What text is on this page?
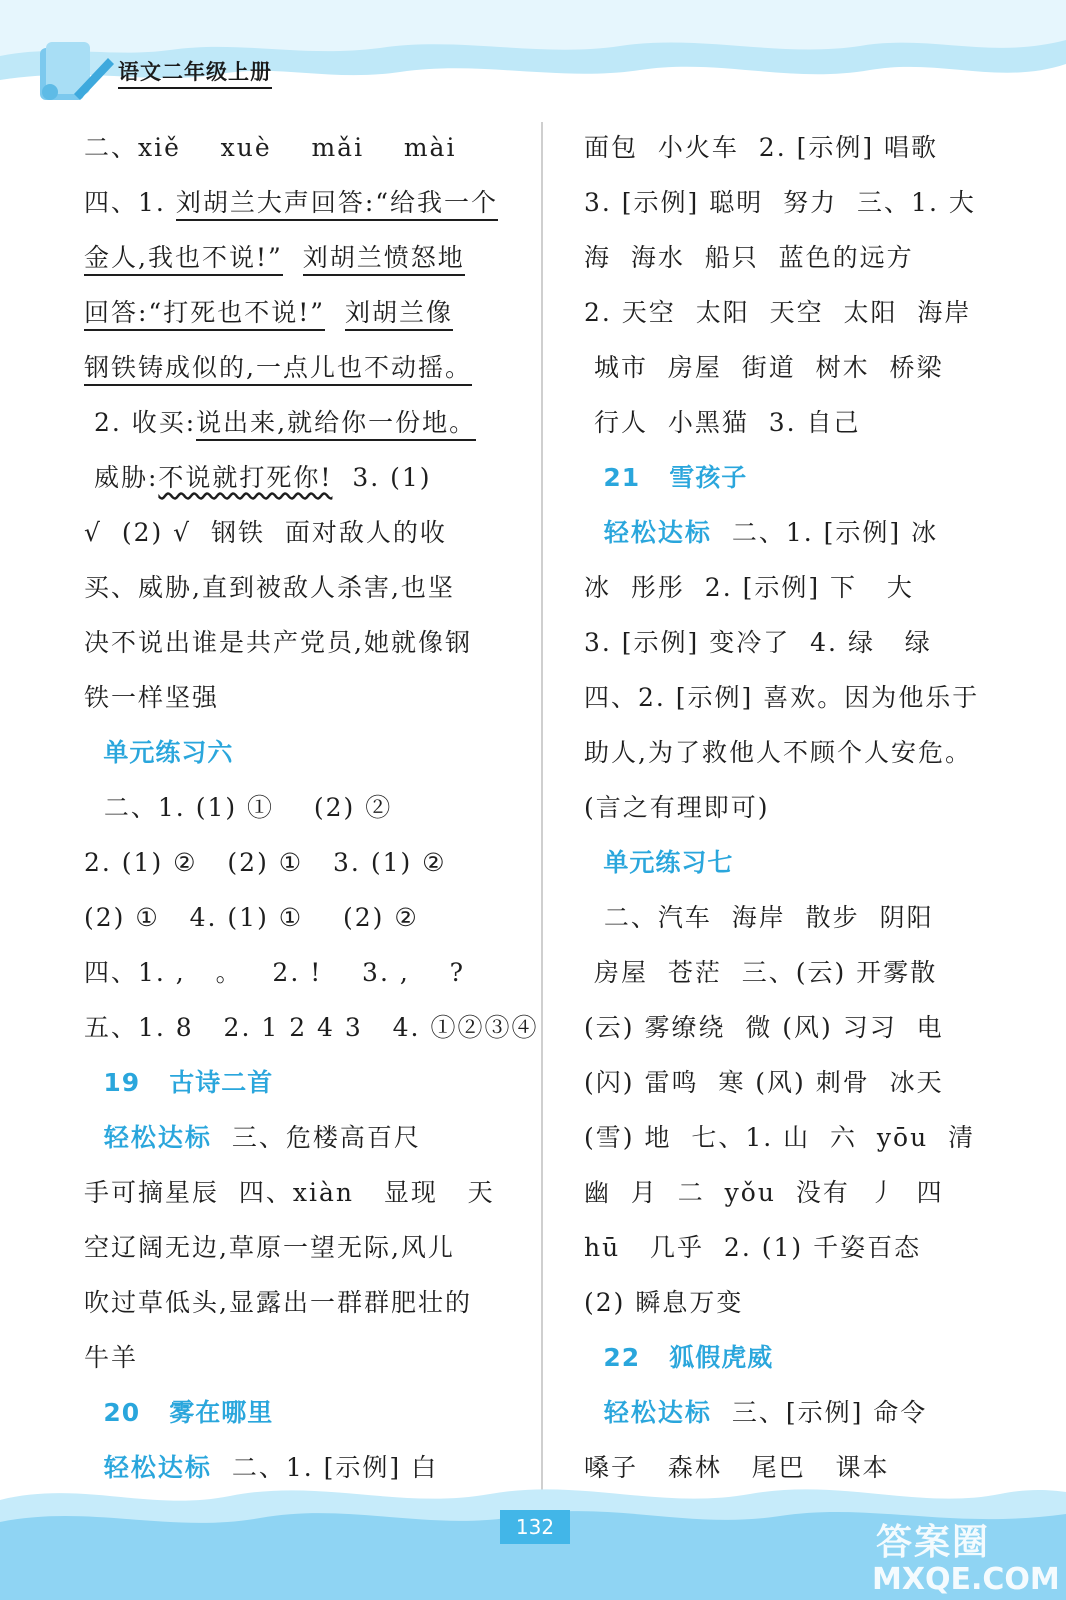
语文二年级上册
二、xiě    xuè    mǎi    mài
四、1. 刘胡兰大声回答:“给我一个
金人,我也不说!” 刘胡兰愤怒地
回答:“打死也不说!” 刘胡兰像
钢铁铸成似的,一点儿也不动摇。
2. 收买:说出来,就给你一份地。
威胁:不说就打死你!  3. (1)
√  (2) √  钢铁  面对敌人的收
买、威胁,直到被敌人杀害,也坚
决不说出谁是共产党员,她就像钢
铁一样坚强
单元练习六
二、1. (1) ①    (2) ②
2. (1) ②   (2) ①   3. (1) ②
(2) ①   4. (1) ①    (2) ②
四、1. ,   。   2. !    3. ,    ?
五、1. 8   2. 1 2 4 3   4. ①②③④
19   古诗二首
轻松达标  三、危楼高百尺
手可摘星辰  四、xiàn   显现   天
空辽阔无边,草原一望无际,风儿
吹过草低头,显露出一群群肥壮的
牛羊
20   雾在哪里
轻松达标  二、1. [示例] 白
面包  小火车  2. [示例] 唱歌
3. [示例] 聪明  努力  三、1. 大
海  海水  船只  蓝色的远方
2. 天空  太阳  天空  太阳  海岸
城市  房屋  街道  树木  桥梁
行人  小黑猫  3. 自己
21   雪孩子
轻松达标  二、1. [示例] 冰
冰  彤彤  2. [示例] 下   大
3. [示例] 变冷了  4. 绿   绿
四、2. [示例] 喜欢。因为他乐于
助人,为了救他人不顾个人安危。
(言之有理即可)
单元练习七
二、汽车  海岸  散步  阴阳
房屋  苍茫  三、(云) 开雾散
(云) 雾缭绕  微 (风) 习习  电
(闪) 雷鸣  寒 (风) 刺骨  冰天
(雪) 地  七、1. 山  六  yōu  清
幽  月  二  yǒu  没有  丿  四
hū   几乎  2. (1) 千姿百态
(2) 瞬息万变
22   狐假虎威
轻松达标  三、[示例] 命令
嗓子   森林   尾巴   课本
132	答案圈
MXQE.COM
